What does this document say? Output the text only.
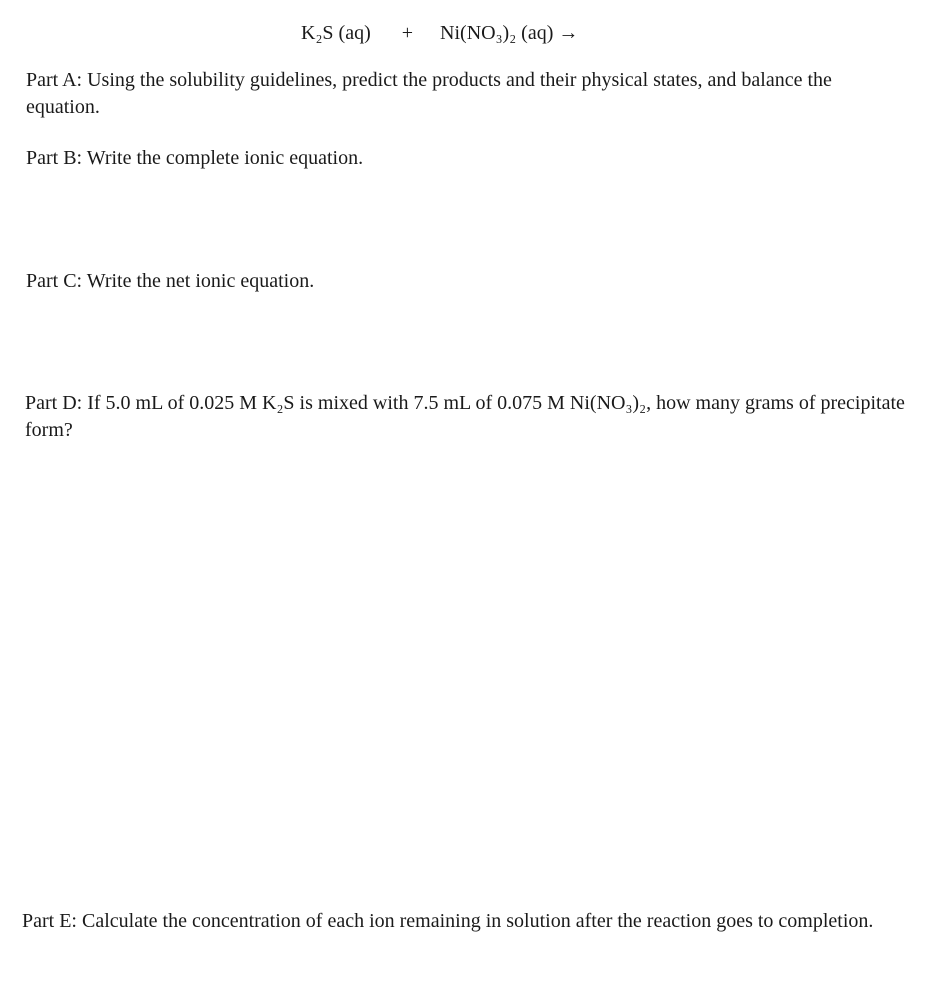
K₂S (aq) + Ni(NO₃)₂ (aq) →
Part A: Using the solubility guidelines, predict the products and their physical states, and balance the equation.
Part B: Write the complete ionic equation.
Part C: Write the net ionic equation.
Part D: If 5.0 mL of 0.025 M K₂S is mixed with 7.5 mL of 0.075 M Ni(NO₃)₂, how many grams of precipitate form?
Part E: Calculate the concentration of each ion remaining in solution after the reaction goes to completion.
